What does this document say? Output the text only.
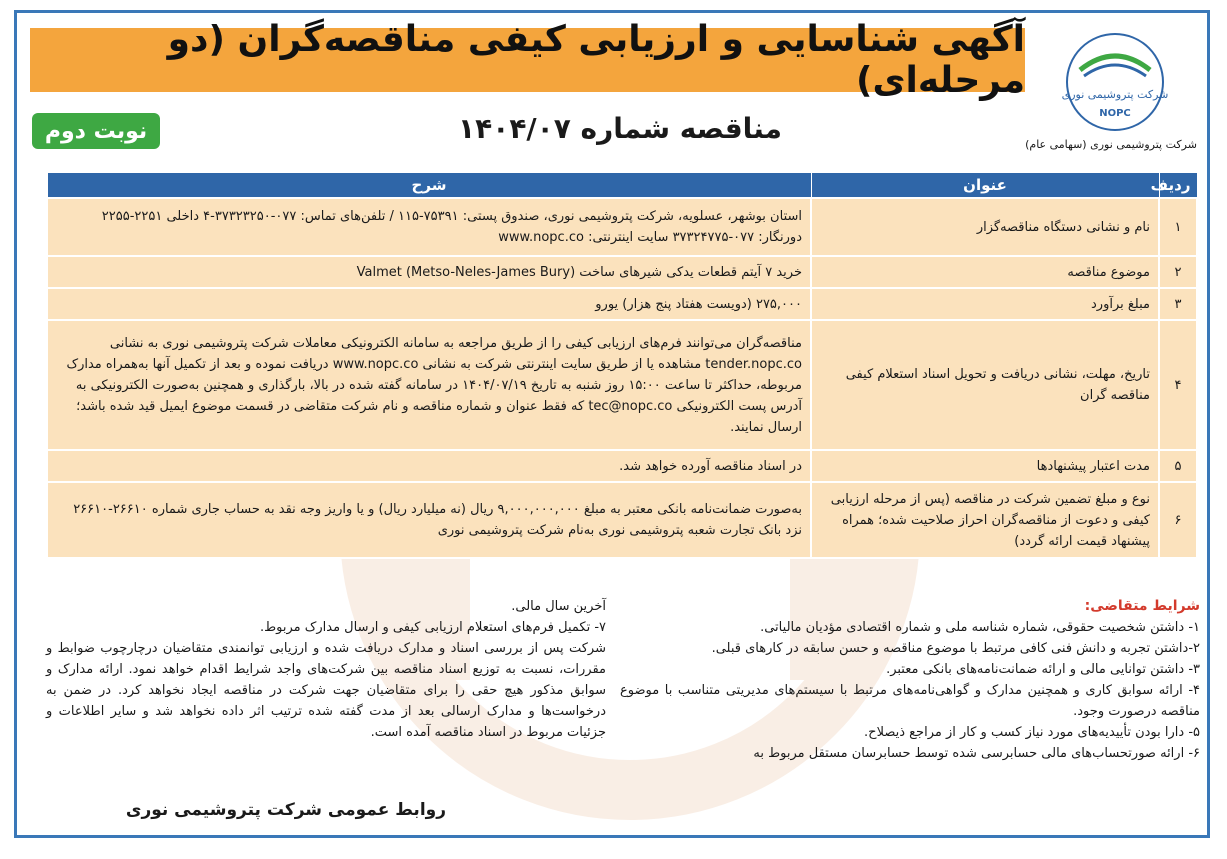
آگهی شناسایی و ارزیابی کیفی مناقصه‌گران (دو مرحله‌ای)
مناقصه شماره ۱۴۰۴/۰۷
نوبت دوم
شرکت پتروشیمی نوری
NOPC
شرکت پتروشیمی نوری (سهامی عام)
ردیف	عنوان	شرح
۱	نام و نشانی دستگاه مناقصه‌گزار	استان بوشهر، عسلویه، شرکت پتروشیمی نوری، صندوق پستی: ۷۵۳۹۱-۱۱۵ / تلفن‌های تماس: ۰۷۷-۳۷۳۲۳۲۵۰-۴ داخلی ۲۲۵۱-۲۲۵۵ دورنگار: ۰۷۷-۳۷۳۲۴۷۷۵ سایت اینترنتی: www.nopc.co
۲	موضوع مناقصه	خرید ۷ آیتم قطعات یدکی شیرهای ساخت (Valmet (Metso-Neles-James Bury
۳	مبلغ برآورد	۲۷۵,۰۰۰ (دویست هفتاد پنج هزار) یورو
۴	تاریخ، مهلت، نشانی دریافت و تحویل اسناد استعلام کیفی مناقصه گران	مناقصه‌گران می‌توانند فرم‌های ارزیابی کیفی را از طریق مراجعه به سامانه الکترونیکی معاملات شرکت پتروشیمی نوری به نشانی tender.nopc.co مشاهده یا از طریق سایت اینترنتی شرکت به نشانی www.nopc.co دریافت نموده و بعد از تکمیل آنها به‌همراه مدارک مربوطه، حداکثر تا ساعت ۱۵:۰۰ روز شنبه به تاریخ ۱۴۰۴/۰۷/۱۹ در سامانه گفته شده در بالا، بارگذاری و همچنین به‌صورت الکترونیکی به آدرس پست الکترونیکی tec@nopc.co که فقط عنوان و شماره مناقصه و نام شرکت متقاضی در قسمت موضوع ایمیل قید شده باشد؛ ارسال نمایند.
۵	مدت اعتبار پیشنهادها	در اسناد مناقصه آورده خواهد شد.
۶	نوع و مبلغ تضمین شرکت در مناقصه (پس از مرحله ارزیابی کیفی و دعوت از مناقصه‌گران احراز صلاحیت شده؛ همراه پیشنهاد قیمت ارائه گردد)	به‌صورت ضمانت‌نامه بانکی معتبر به مبلغ ۹,۰۰۰,۰۰۰,۰۰۰ ریال (نه میلیارد ریال) و یا واریز وجه نقد به حساب جاری شماره ۲۶۶۱۰-۲۶۶۱۰ نزد بانک تجارت شعبه پتروشیمی نوری به‌نام شرکت پتروشیمی نوری
شرایط متقاضی:

۱- داشتن شخصیت حقوقی، شماره شناسه ملی و شماره اقتصادی مؤدیان مالیاتی.

۲-داشتن تجربه و دانش فنی کافی مرتبط با موضوع مناقصه و حسن سابقه در کارهای قبلی.

۳- داشتن توانایی مالی و ارائه ضمانت‌نامه‌های بانکی معتبر.

۴- ارائه سوابق کاری و همچنین مدارک و گواهی‌نامه‌های مرتبط با سیستم‌های مدیریتی متناسب با موضوع مناقصه درصورت وجود.

۵- دارا بودن تأییدیه‌های مورد نیاز کسب و کار از مراجع ذیصلاح.

۶- ارائه صورتحساب‌های مالی حسابرسی شده توسط حسابرسان مستقل مربوط به

آخرین سال مالی.

۷- تکمیل فرم‌های استعلام ارزیابی کیفی و ارسال مدارک مربوط.

شرکت پس از بررسی اسناد و مدارک دریافت شده و ارزیابی توانمندی متقاضیان درچارچوب ضوابط و مقررات، نسبت به توزیع اسناد مناقصه بین شرکت‌های واجد شرایط اقدام خواهد نمود. ارائه مدارک و سوابق مذکور هیچ حقی را برای متقاضیان جهت شرکت در مناقصه ایجاد نخواهد کرد. در ضمن به درخواست‌ها و مدارک ارسالی بعد از مدت گفته شده ترتیب اثر داده نخواهد شد و سایر اطلاعات و جزئیات مربوط در اسناد مناقصه آمده است.

روابط عمومی شرکت پتروشیمی نوری
